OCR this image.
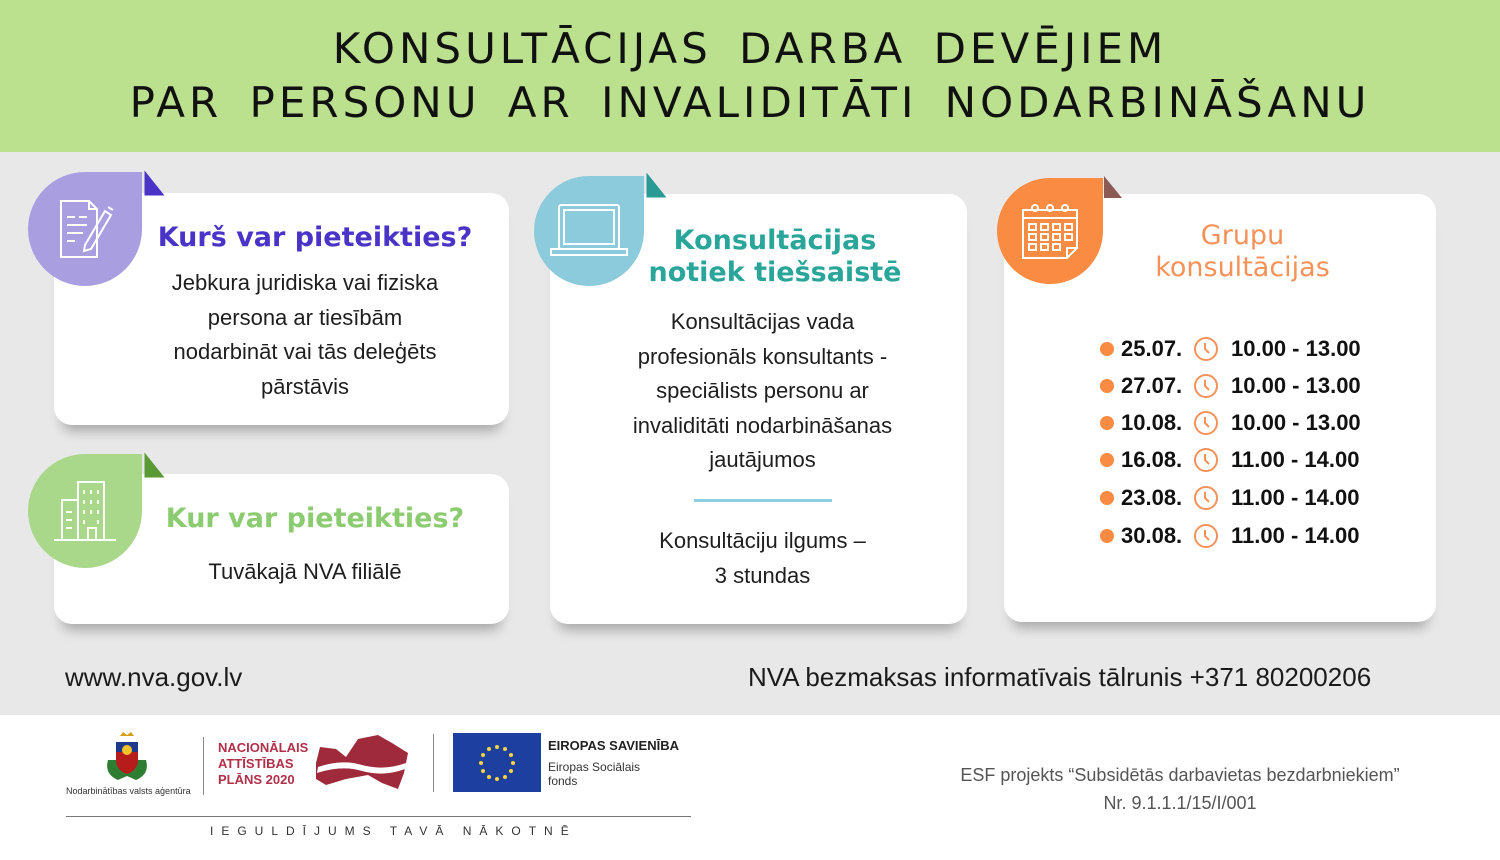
KONSULTĀCIJAS DARBA DEVĒJIEM
PAR PERSONU AR INVALIDITĀTI NODARBINĀŠANU
Kurš var pieteikties?
Jebkura juridiska vai fiziska
persona ar tiesībām
nodarbināt vai tās deleģēts
pārstāvis
Kur var pieteikties?
Tuvākajā NVA filiālē
Konsultācijas
notiek tiešsaistē
Konsultācijas vada
profesionāls konsultants -
speciālists personu ar
invaliditāti nodarbināšanas
jautājumos
Konsultāciju ilgums –
3 stundas
Grupu
konsultācijas
25.07.	10.00 - 13.00
27.07.	10.00 - 13.00
10.08.	10.00 - 13.00
16.08.	11.00 - 14.00
23.08.	11.00 - 14.00
30.08.	11.00 - 14.00
www.nva.gov.lv	NVA bezmaksas informatīvais tālrunis +371 80200206
Nodarbinātības valsts aģentūra
NACIONĀLAIS
ATTĪSTĪBAS
PLĀNS 2020
EIROPAS SAVIENĪBA
Eiropas Sociālais
fonds
IEGULDĪJUMS TAVĀ NĀKOTNĒ
ESF projekts “Subsidētās darbavietas bezdarbniekiem”
Nr. 9.1.1.1/15/I/001
